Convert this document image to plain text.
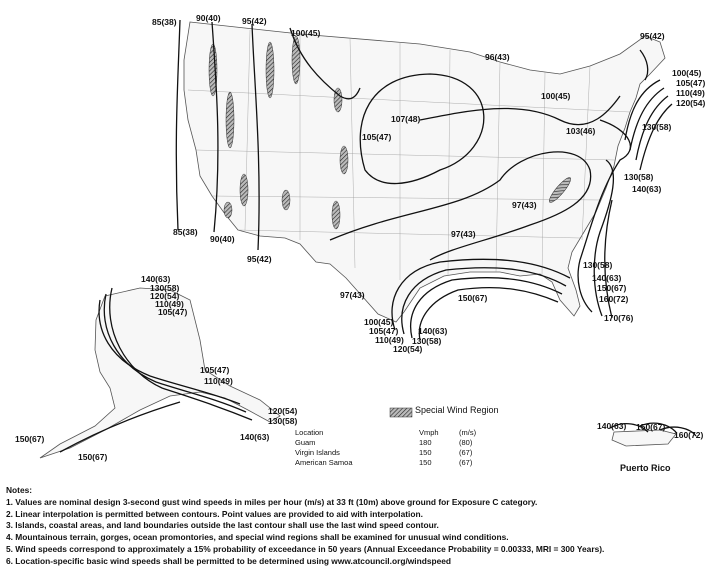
85(38) 90(40)	95(42)
100(45)
96(43)
95(42)
100(45)
105(47)
110(49)
120(54)
130(58)
107(48)
105(47)
100(45)
103(46)
130(58)
140(63)
97(43)
97(43)
85(38)
90(40)
95(42)
97(43)
130(58)
140(63)
150(67)
160(72)
170(76)
150(67)
100(45)
105(47)
110(49)
120(54)
140(63)
130(58)
140(63)
130(58)
120(54)
110(49)
105(47)
105(47)
110(49)
120(54)
130(58)
140(63)
150(67)
150(67)
140(63) 150(67)
160(72)
Special Wind Region
Location	Vmph	(m/s)
Guam	180	(80)
Virgin Islands	150	(67)
American Samoa	150	(67)
Puerto Rico
Notes:
1. Values are nominal design 3-second gust wind speeds in miles per hour (m/s) at 33 ft (10m) above ground for Exposure C category.
2. Linear interpolation is permitted between contours. Point values are provided to aid with interpolation.
3. Islands, coastal areas, and land boundaries outside the last contour shall use the last wind speed contour.
4. Mountainous terrain, gorges, ocean promontories, and special wind regions shall be examined for unusual wind conditions.
5. Wind speeds correspond to approximately a 15% probability of exceedance in 50 years (Annual Exceedance Probability = 0.00333, MRI = 300 Years).
6. Location-specific basic wind speeds shall be permitted to be determined using www.atcouncil.org/windspeed
